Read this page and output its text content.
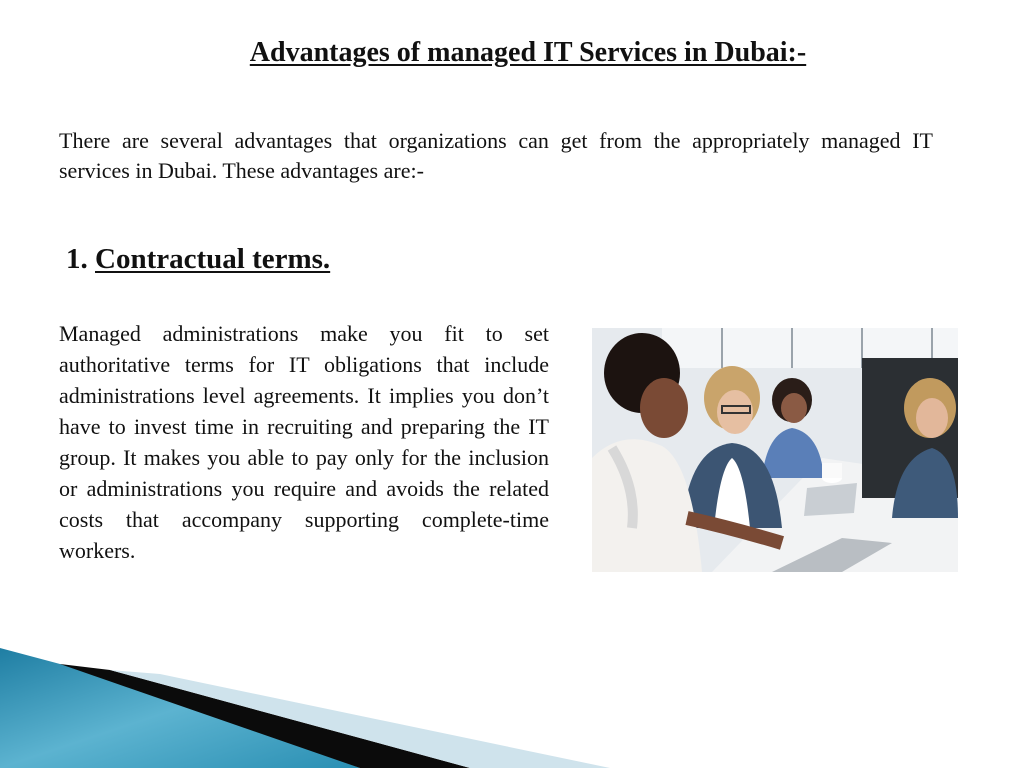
Advantages of managed IT Services in Dubai:-

There are several advantages that organizations can get from the appropriately managed IT services in Dubai. These advantages are:-

1. Contractual terms.

Managed administrations make you fit to set authoritative terms for IT obligations that include administrations level agreements. It implies you don’t have to invest time in recruiting and preparing the IT group. It makes you able to pay only for the inclusion or administrations you require and avoids the related costs that accompany supporting complete-time workers.
